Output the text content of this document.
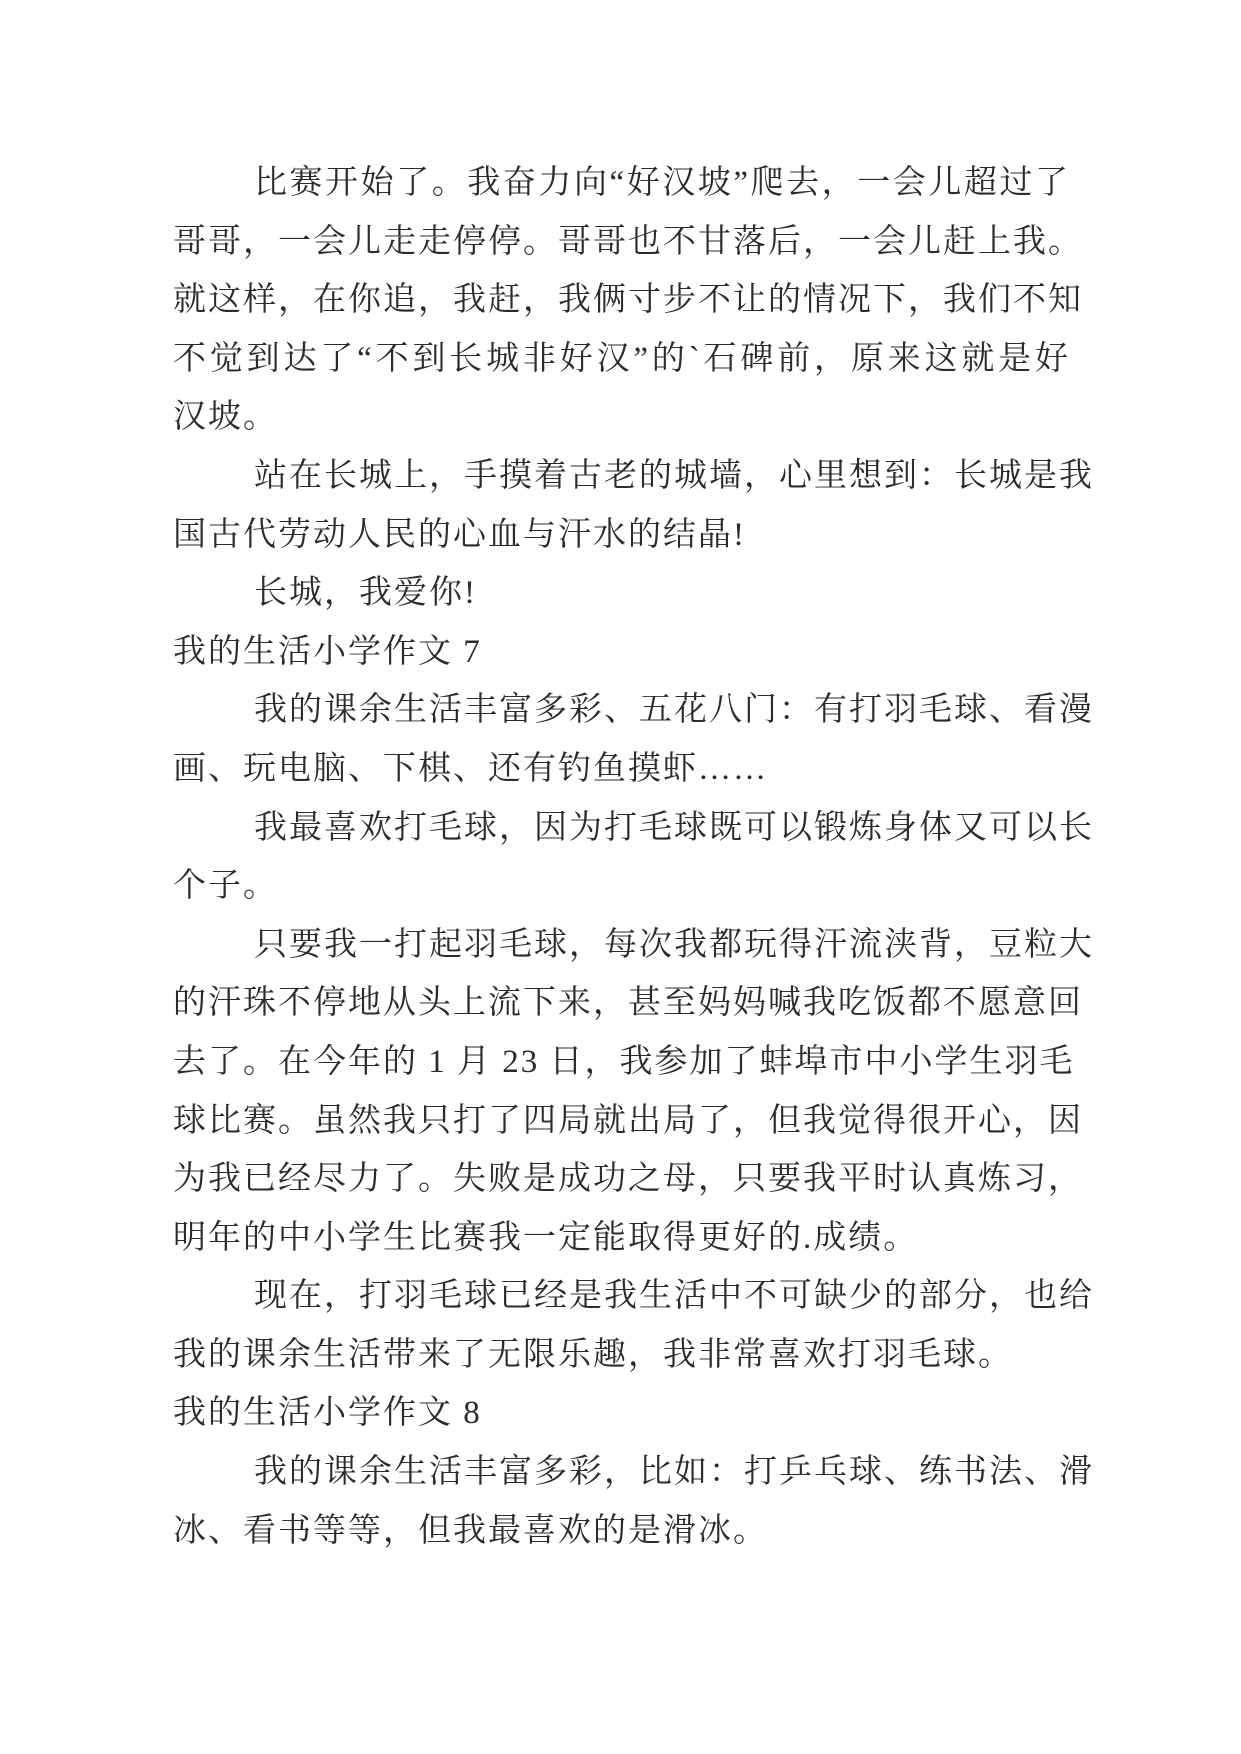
比赛开始了。我奋力向“好汉坡”爬去，一会儿超过了
哥哥，一会儿走走停停。哥哥也不甘落后，一会儿赶上我。
就这样，在你追，我赶，我俩寸步不让的情况下，我们不知
不觉到达了“不到长城非好汉”的`石碑前，原来这就是好
汉坡。
站在长城上，手摸着古老的城墙，心里想到：长城是我
国古代劳动人民的心血与汗水的结晶!
长城，我爱你!
我的生活小学作文 7
我的课余生活丰富多彩、五花八门：有打羽毛球、看漫
画、玩电脑、下棋、还有钓鱼摸虾……
我最喜欢打毛球，因为打毛球既可以锻炼身体又可以长
个子。
只要我一打起羽毛球，每次我都玩得汗流浃背，豆粒大
的汗珠不停地从头上流下来，甚至妈妈喊我吃饭都不愿意回
去了。在今年的 1 月 23 日，我参加了蚌埠市中小学生羽毛
球比赛。虽然我只打了四局就出局了，但我觉得很开心，因
为我已经尽力了。失败是成功之母，只要我平时认真炼习，
明年的中小学生比赛我一定能取得更好的.成绩。
现在，打羽毛球已经是我生活中不可缺少的部分，也给
我的课余生活带来了无限乐趣，我非常喜欢打羽毛球。
我的生活小学作文 8
我的课余生活丰富多彩，比如：打乒乓球、练书法、滑
冰、看书等等，但我最喜欢的是滑冰。
